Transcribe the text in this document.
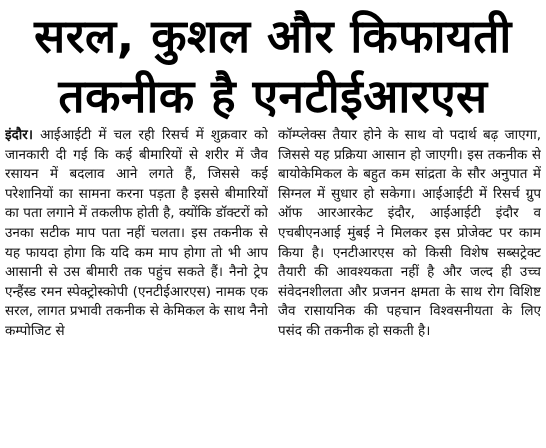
सरल, कुशल और किफायती
तकनीक है एनटीईआरएस
इंदौर। आईआईटी में चल रही रिसर्च में शुक्रवार को जानकारी दी गई कि कई बीमारियों से शरीर में जैव रसायन में बदलाव आने लगते हैं, जिससे कई परेशानियों का सामना करना पड़ता है इससे बीमारियों का पता लगाने में तकलीफ होती है, क्योंकि डॉक्टरों को उनका सटीक माप पता नहीं चलता। इस तकनीक से यह फायदा होगा कि यदि कम माप होगा तो भी आप आसानी से उस बीमारी तक पहुंच सकते हैं। नैनो ट्रेप एन्हैंस्ड रमन स्पेक्ट्रोस्कोपी (एनटीईआरएस) नामक एक सरल, लागत प्रभावी तकनीक से केमिकल के साथ नैनो कम्पोजिट से
कॉम्प्लेक्स तैयार होने के साथ वो पदार्थ बढ़ जाएगा, जिससे यह प्रक्रिया आसान हो जाएगी। इस तकनीक से बायोकेमिकल के बहुत कम सांद्रता के सौर अनुपात में सिग्नल में सुधार हो सकेगा। आईआईटी में रिसर्च ग्रुप ऑफ आरआरकेट इंदौर, आईआईटी इंदौर व एचबीएनआई मुंबई ने मिलकर इस प्रोजेक्ट पर काम किया है। एनटीआरएस को किसी विशेष सब्सट्रेक्ट तैयारी की आवश्यकता नहीं है और जल्द ही उच्च संवेदनशीलता और प्रजनन क्षमता के साथ रोग विशिष्ट जैव रासायनिक की पहचान विश्वसनीयता के लिए पसंद की तकनीक हो सकती है।
